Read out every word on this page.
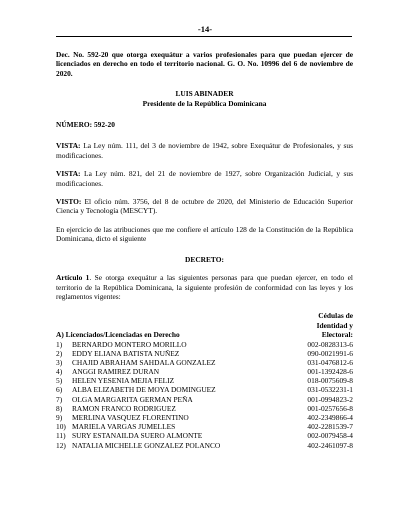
-14-

Dec. No. 592-20 que otorga exequátur a varios profesionales para que puedan ejercer de licenciados en derecho en todo el territorio nacional. G. O. No. 10996 del 6 de noviembre de 2020.

LUIS ABINADER
Presidente de la República Dominicana

NÚMERO: 592-20

VISTA: La Ley núm. 111, del 3 de noviembre de 1942, sobre Exequátur de Profesionales, y sus modificaciones.

VISTA: La Ley núm. 821, del 21 de noviembre de 1927, sobre Organización Judicial, y sus modificaciones.

VISTO: El oficio núm. 3756, del 8 de octubre de 2020, del Ministerio de Educación Superior Ciencia y Tecnología (MESCYT).

En ejercicio de las atribuciones que me confiere el artículo 128 de la Constitución de la República Dominicana, dicto el siguiente

DECRETO:

Artículo 1. Se otorga exequátur a las siguientes personas para que puedan ejercer, en todo el territorio de la República Dominicana, la siguiente profesión de conformidad con las leyes y los reglamentos vigentes:

A) Licenciados/Licenciadas en Derecho
Cédulas de
Identidad y
Electoral:
1)	BERNARDO MONTERO MORILLO	002-0828313-6
2)	EDDY ELIANA BATISTA NUÑEZ	090-0021991-6
3)	CHAJID ABRAHAM SAHDALA GONZALEZ	031-0476812-6
4)	ANGGI RAMIREZ DURAN	001-1392428-6
5)	HELEN YESENIA MEJIA FELIZ	018-0075609-8
6)	ALBA ELIZABETH DE MOYA DOMINGUEZ	031-0532231-1
7)	OLGA MARGARITA GERMAN PEÑA	001-0994823-2
8)	RAMON FRANCO RODRIGUEZ	001-0257656-8
9)	MERLINA VASQUEZ FLORENTINO	402-2349866-4
10) MARIELA VARGAS JUMELLES	402-2281539-7
11) SURY ESTANAILDA SUERO ALMONTE	002-0079458-4
12) NATALIA MICHELLE GONZALEZ POLANCO	402-2461097-8
